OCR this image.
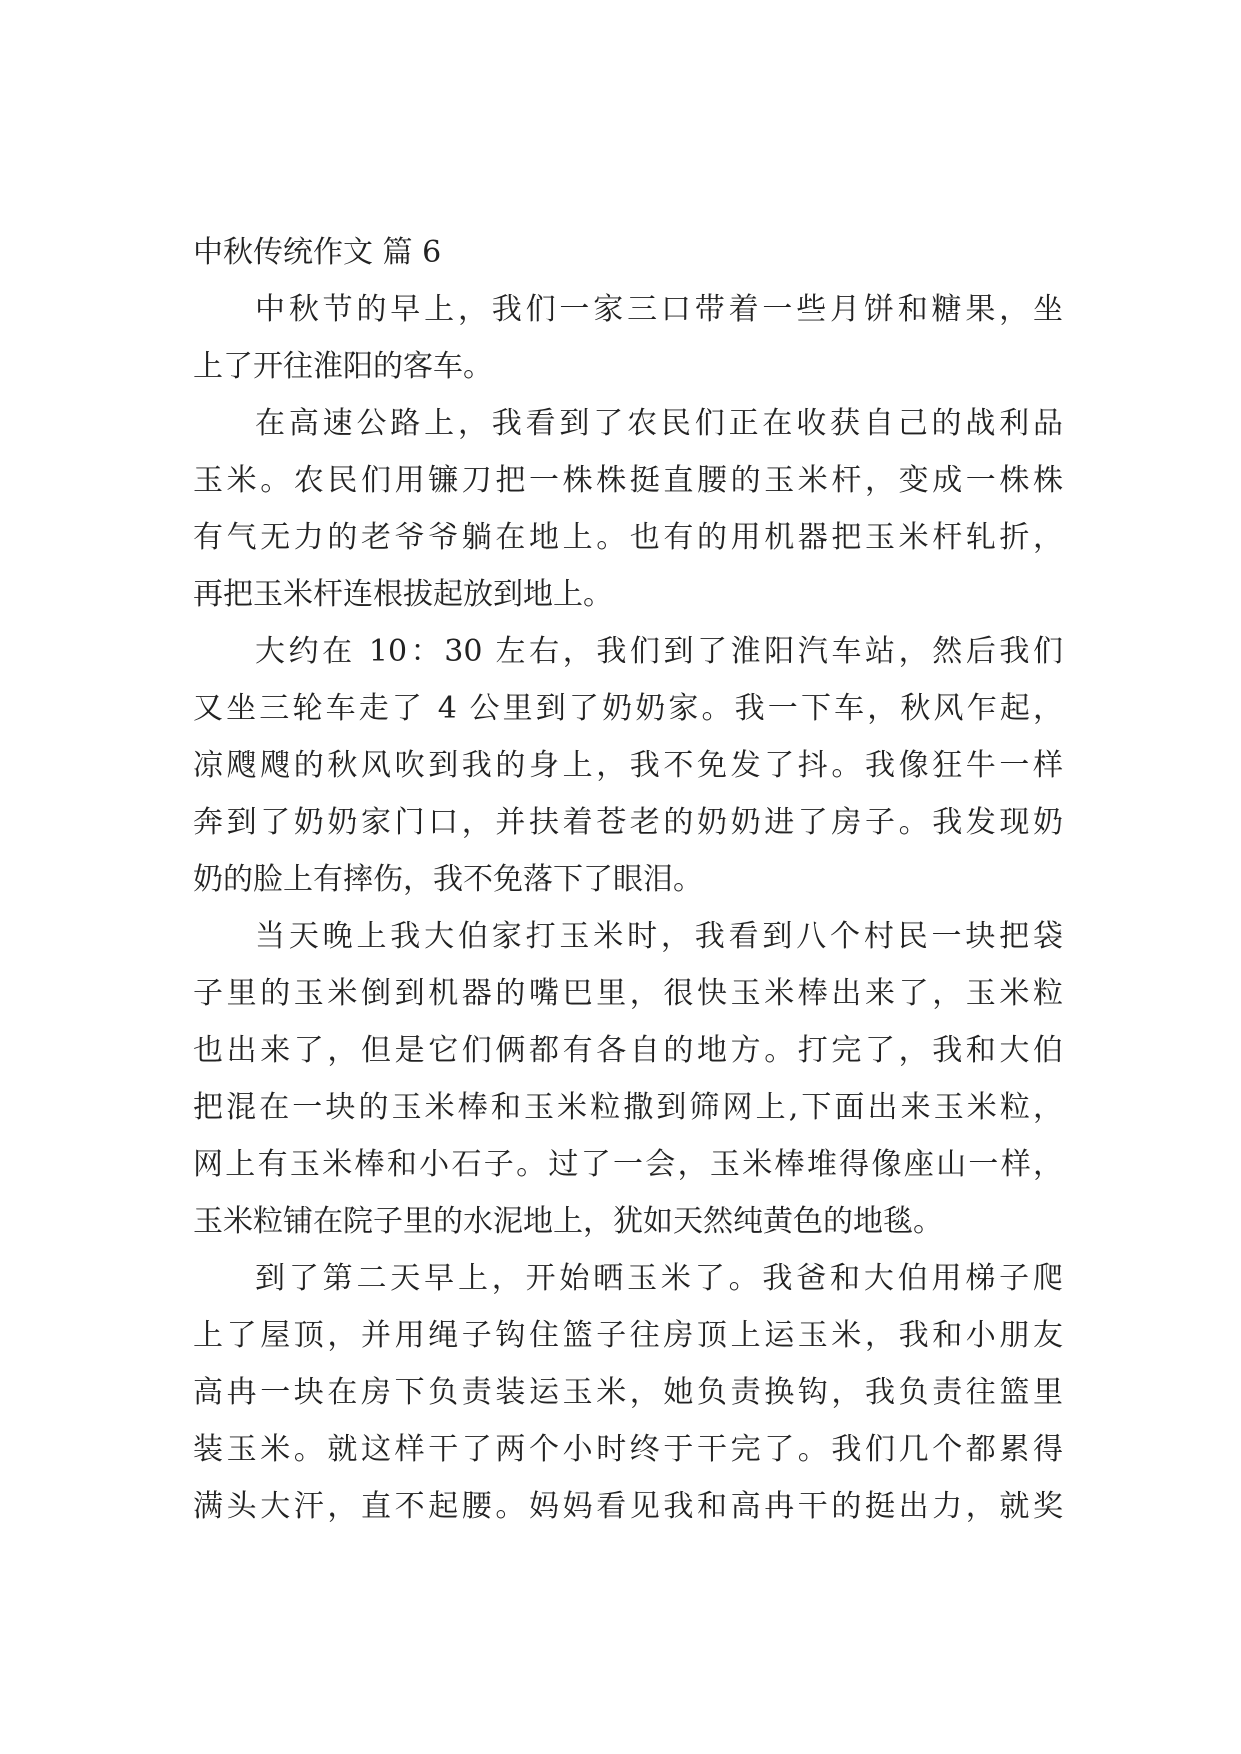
中秋传统作文 篇 6

中秋节的早上，我们一家三口带着一些月饼和糖果，坐
上了开往淮阳的客车。

在高速公路上，我看到了农民们正在收获自己的战利品
玉米。农民们用镰刀把一株株挺直腰的玉米杆，变成一株株
有气无力的老爷爷躺在地上。也有的用机器把玉米杆轧折，
再把玉米杆连根拔起放到地上。

大约在 10：30 左右，我们到了淮阳汽车站，然后我们
又坐三轮车走了 4 公里到了奶奶家。我一下车，秋风乍起，
凉飕飕的秋风吹到我的身上，我不免发了抖。我像狂牛一样
奔到了奶奶家门口，并扶着苍老的奶奶进了房子。我发现奶
奶的脸上有摔伤，我不免落下了眼泪。

当天晚上我大伯家打玉米时，我看到八个村民一块把袋
子里的玉米倒到机器的嘴巴里，很快玉米棒出来了，玉米粒
也出来了，但是它们俩都有各自的地方。打完了，我和大伯
把混在一块的玉米棒和玉米粒撒到筛网上,下面出来玉米粒，
网上有玉米棒和小石子。过了一会，玉米棒堆得像座山一样，
玉米粒铺在院子里的水泥地上，犹如天然纯黄色的地毯。

到了第二天早上，开始晒玉米了。我爸和大伯用梯子爬
上了屋顶，并用绳子钩住篮子往房顶上运玉米，我和小朋友
高冉一块在房下负责装运玉米，她负责换钩，我负责往篮里
装玉米。就这样干了两个小时终于干完了。我们几个都累得
满头大汗，直不起腰。妈妈看见我和高冉干的挺出力，就奖
